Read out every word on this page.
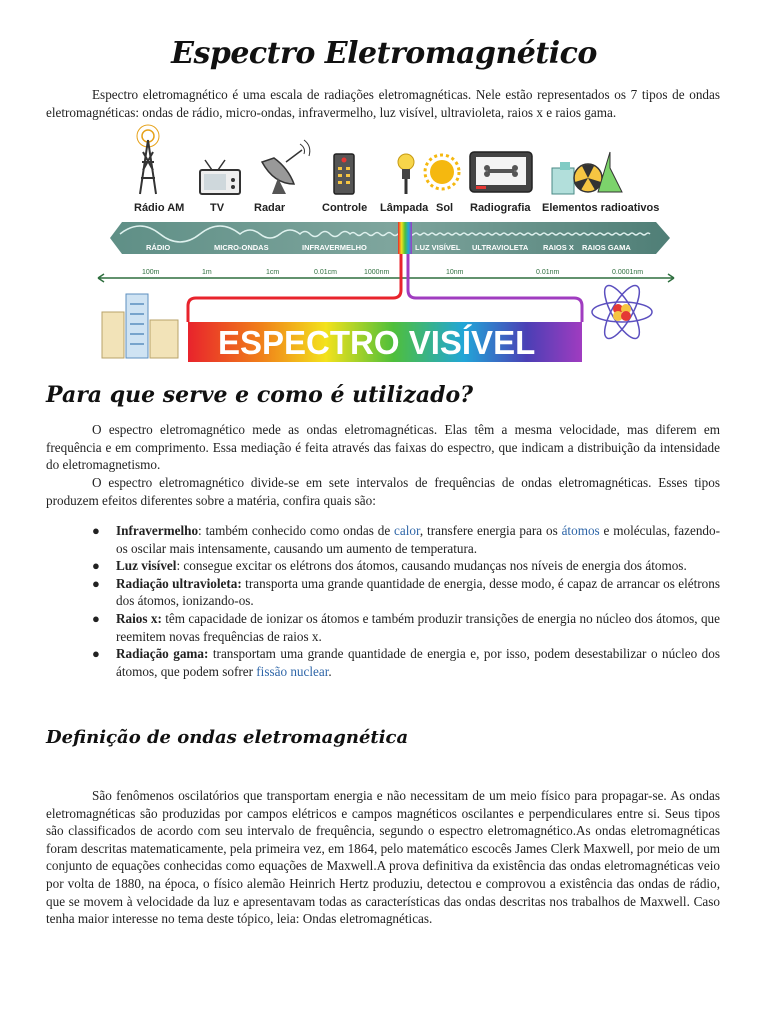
Espectro Eletromagnético
Espectro eletromagnético é uma escala de radiações eletromagnéticas. Nele estão representados os 7 tipos de ondas eletromagnéticas: ondas de rádio, micro-ondas, infravermelho, luz visível, ultravioleta, raios x e raios gama.
Rádio AM TV	Radar	Controle Lâmpada Sol Radiografia Elementos radioativos
RÁDIO	MICRO-ONDAS	INFRAVERMELHO	LUZ VISÍVEL ULTRAVIOLETA RAIOS X RAIOS GAMA
100m	1m	1cm	0.01cm	1000nm	10nm	0.01nm	0.0001nm
ESPECTRO VISÍVEL
Para que serve e como é utilizado?
O espectro eletromagnético mede as ondas eletromagnéticas. Elas têm a mesma velocidade, mas diferem em frequência e em comprimento. Essa mediação é feita através das faixas do espectro, que indicam a distribuição da intensidade do eletromagnetismo.
O espectro eletromagnético divide-se em sete intervalos de frequências de ondas eletromagnéticas. Esses tipos produzem efeitos diferentes sobre a matéria, confira quais são:
● Infravermelho: também conhecido como ondas de calor, transfere energia para os átomos e moléculas, fazendo-os oscilar mais intensamente, causando um aumento de temperatura.
● Luz visível: consegue excitar os elétrons dos átomos, causando mudanças nos níveis de energia dos átomos.
● Radiação ultravioleta: transporta uma grande quantidade de energia, desse modo, é capaz de arrancar os elétrons dos átomos, ionizando-os.
● Raios x: têm capacidade de ionizar os átomos e também produzir transições de energia no núcleo dos átomos, que reemitem novas frequências de raios x.
● Radiação gama: transportam uma grande quantidade de energia e, por isso, podem desestabilizar o núcleo dos átomos, que podem sofrer fissão nuclear.
Definição de ondas eletromagnética
São fenômenos oscilatórios que transportam energia e não necessitam de um meio físico para propagar-se. As ondas eletromagnéticas são produzidas por campos elétricos e campos magnéticos oscilantes e perpendiculares entre si. Seus tipos são classificados de acordo com seu intervalo de frequência, segundo o espectro eletromagnético.As ondas eletromagnéticas foram descritas matematicamente, pela primeira vez, em 1864, pelo matemático escocês James Clerk Maxwell, por meio de um conjunto de equações conhecidas como equações de Maxwell.A prova definitiva da existência das ondas eletromagnéticas veio por volta de 1880, na época, o físico alemão Heinrich Hertz produziu, detectou e comprovou a existência das ondas de rádio, que se movem à velocidade da luz e apresentavam todas as características das ondas descritas nos trabalhos de Maxwell. Caso tenha maior interesse no tema deste tópico, leia: Ondas eletromagnéticas.
